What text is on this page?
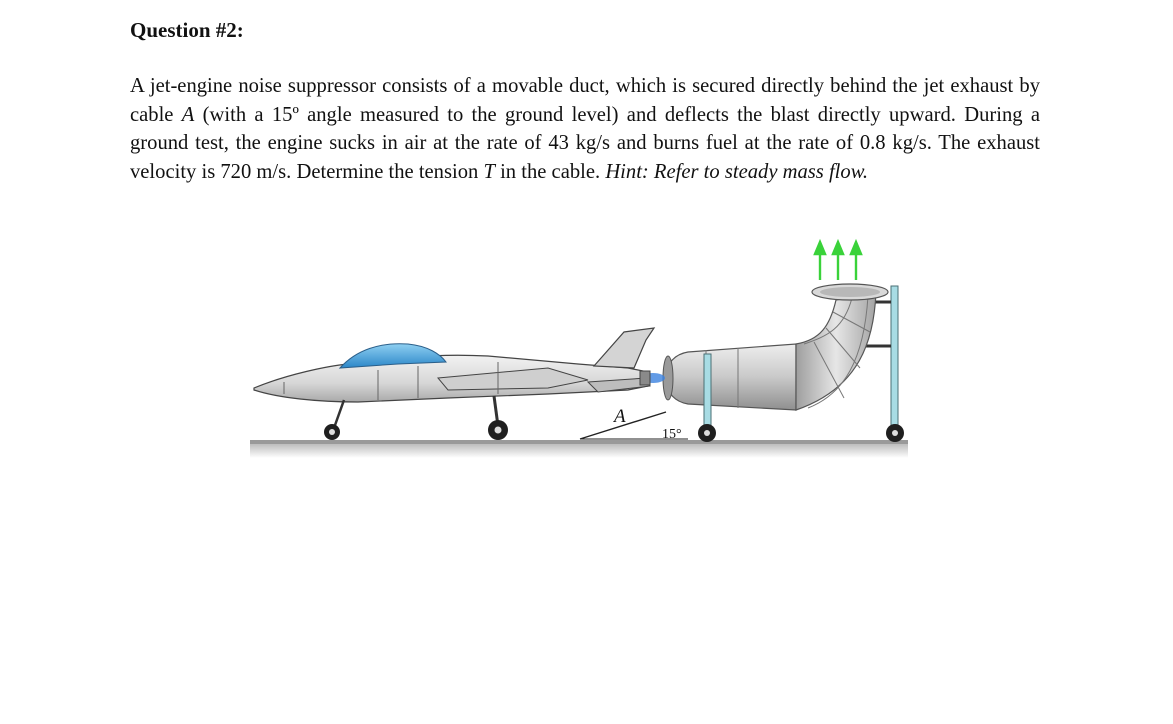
Question #2:
A jet-engine noise suppressor consists of a movable duct, which is secured directly behind the jet exhaust by cable A (with a 15º angle measured to the ground level) and deflects the blast directly upward. During a ground test, the engine sucks in air at the rate of 43 kg/s and burns fuel at the rate of 0.8 kg/s. The exhaust velocity is 720 m/s. Determine the tension T in the cable. Hint: Refer to steady mass flow.
A
15°
